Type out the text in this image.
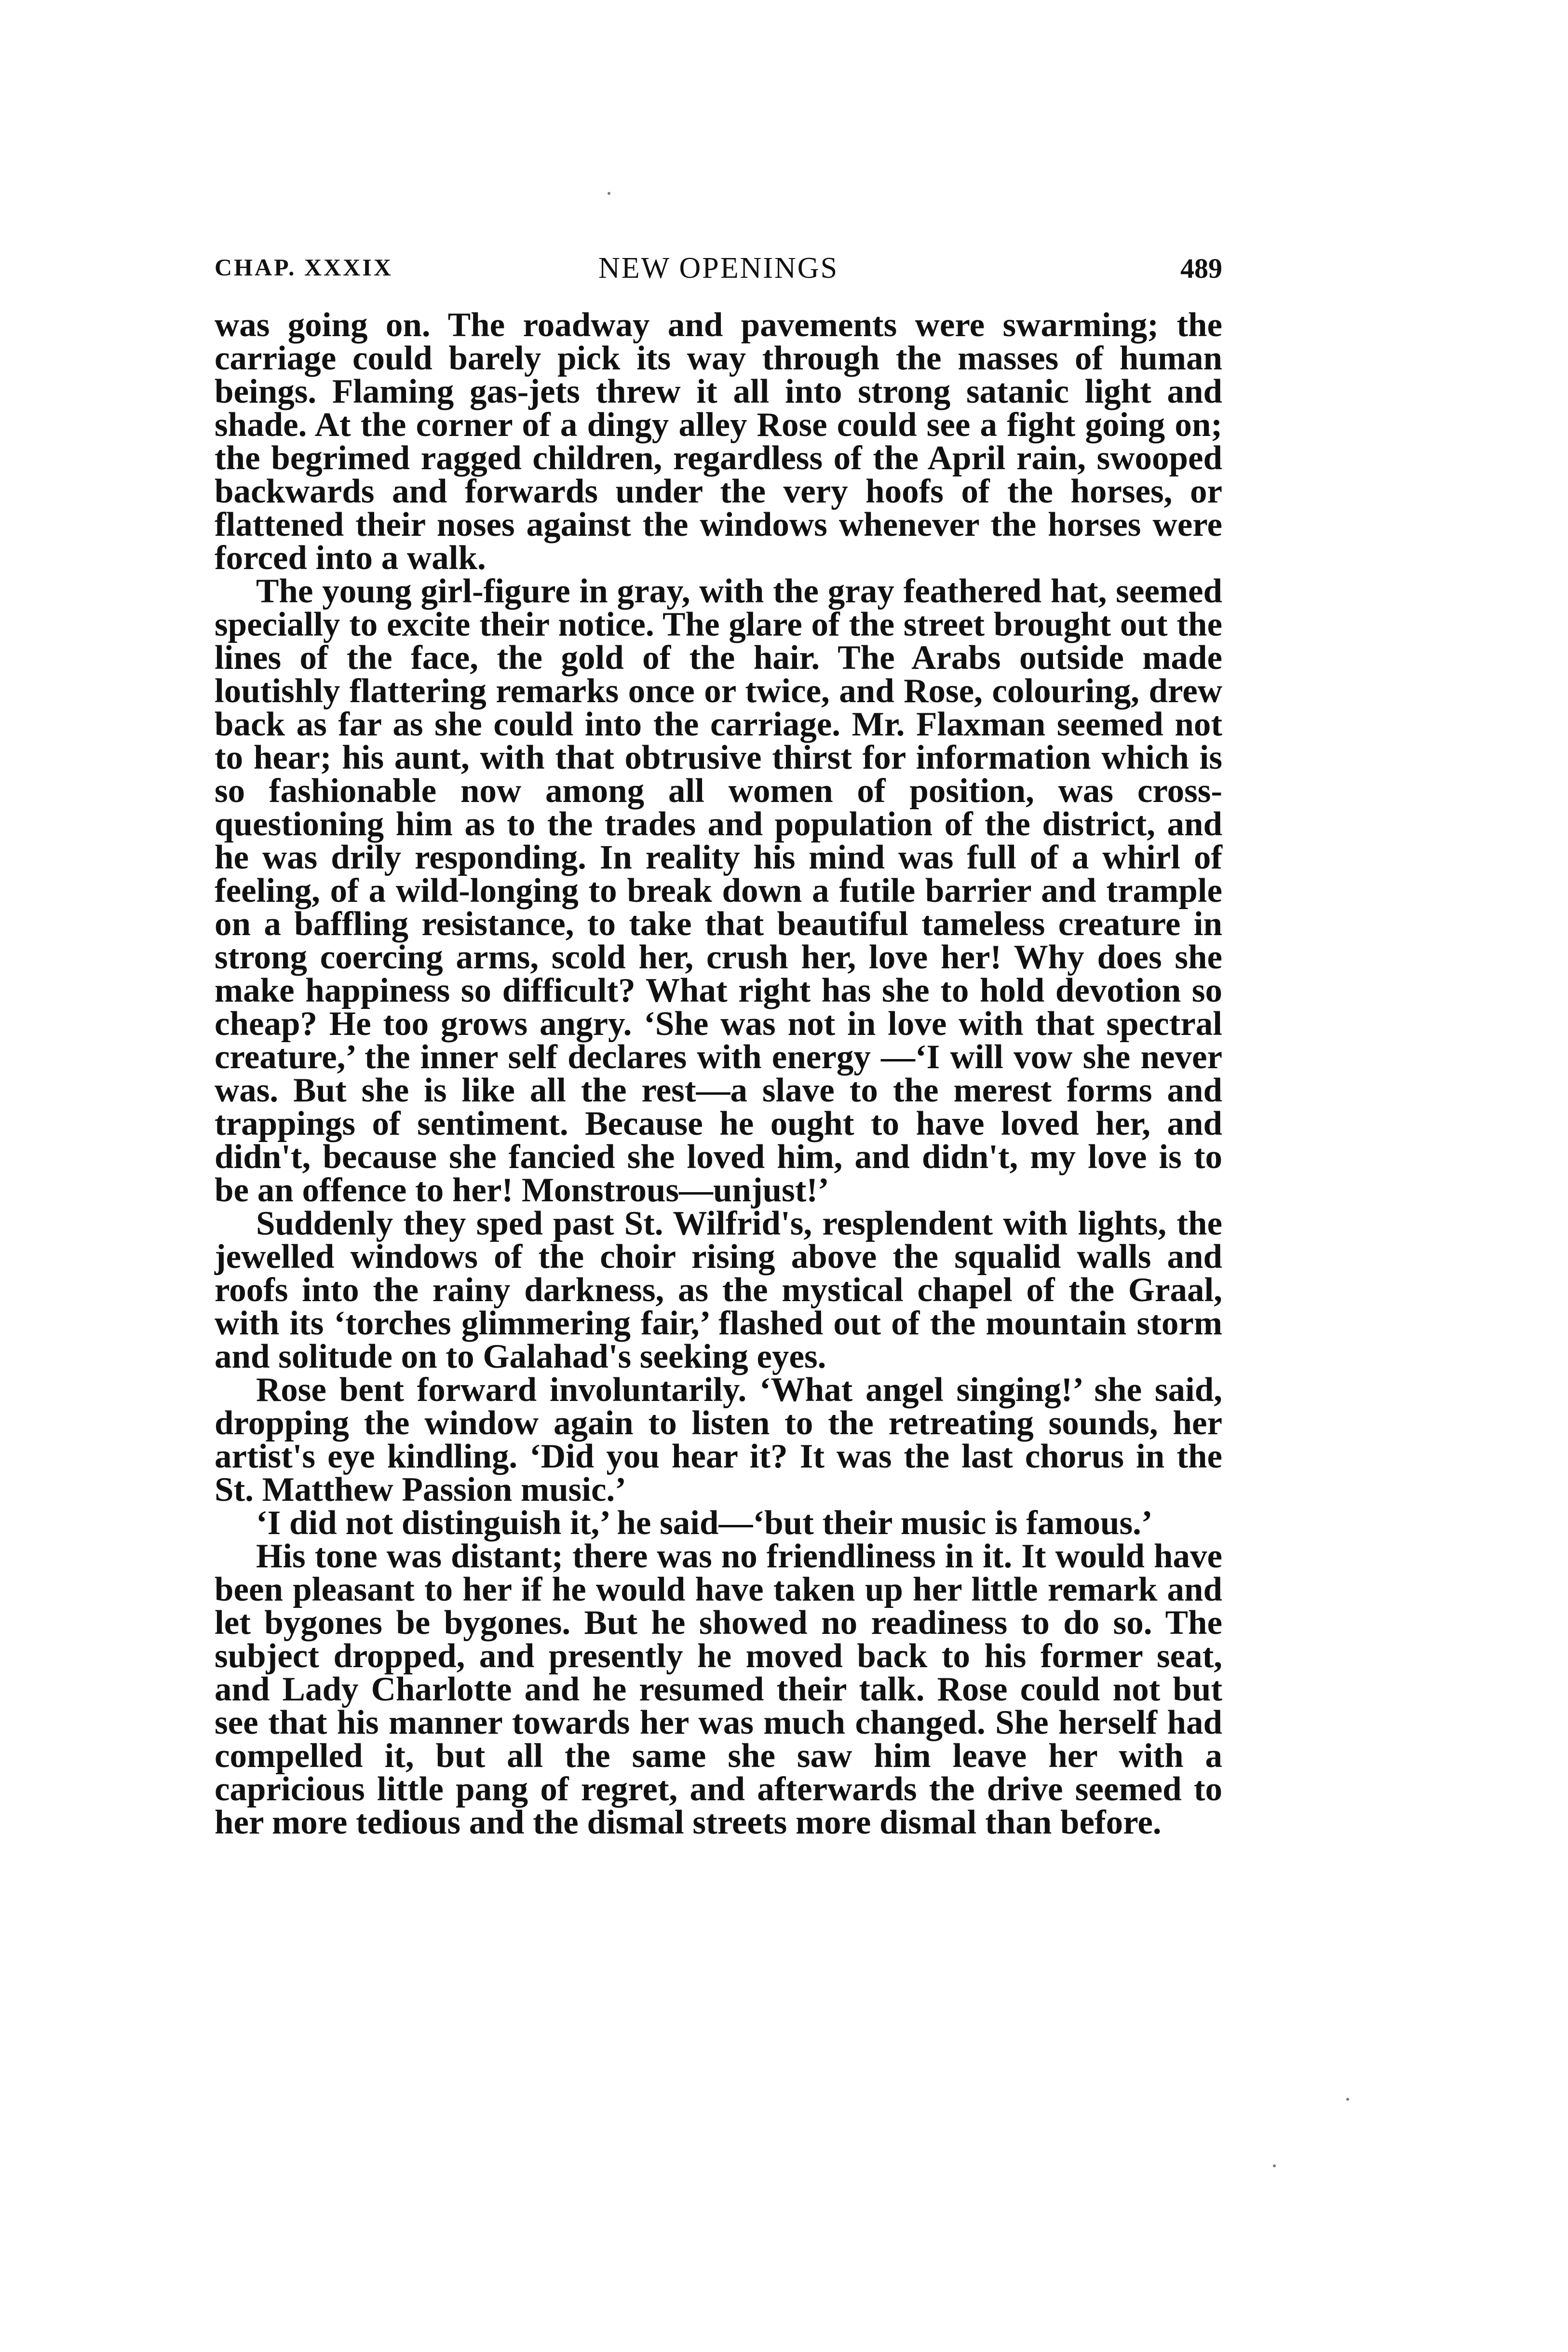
CHAP. XXXIX	NEW OPENINGS	489

was going on. The roadway and pavements were swarming; the carriage could barely pick its way through the masses of human beings. Flaming gas-jets threw it all into strong satanic light and shade. At the corner of a dingy alley Rose could see a fight going on; the begrimed ragged children, regardless of the April rain, swooped backwards and forwards under the very hoofs of the horses, or flattened their noses against the windows whenever the horses were forced into a walk.

The young girl-figure in gray, with the gray feathered hat, seemed specially to excite their notice. The glare of the street brought out the lines of the face, the gold of the hair. The Arabs outside made loutishly flattering remarks once or twice, and Rose, colouring, drew back as far as she could into the carriage. Mr. Flaxman seemed not to hear; his aunt, with that obtrusive thirst for information which is so fashionable now among all women of position, was cross-questioning him as to the trades and population of the district, and he was drily responding. In reality his mind was full of a whirl of feeling, of a wild-longing to break down a futile barrier and trample on a baffling resistance, to take that beautiful tameless creature in strong coercing arms, scold her, crush her, love her! Why does she make happiness so difficult? What right has she to hold devotion so cheap? He too grows angry. ‘She was not in love with that spectral creature,’ the inner self declares with energy —‘I will vow she never was. But she is like all the rest—a slave to the merest forms and trappings of sentiment. Because he ought to have loved her, and didn't, because she fancied she loved him, and didn't, my love is to be an offence to her! Monstrous—unjust!’

Suddenly they sped past St. Wilfrid's, resplendent with lights, the jewelled windows of the choir rising above the squalid walls and roofs into the rainy darkness, as the mystical chapel of the Graal, with its ‘torches glimmering fair,’ flashed out of the mountain storm and solitude on to Galahad's seeking eyes.

Rose bent forward involuntarily. ‘What angel singing!’ she said, dropping the window again to listen to the retreating sounds, her artist's eye kindling. ‘Did you hear it? It was the last chorus in the St. Matthew Passion music.’

‘I did not distinguish it,’ he said—‘but their music is famous.’

His tone was distant; there was no friendliness in it. It would have been pleasant to her if he would have taken up her little remark and let bygones be bygones. But he showed no readiness to do so. The subject dropped, and presently he moved back to his former seat, and Lady Charlotte and he resumed their talk. Rose could not but see that his manner towards her was much changed. She herself had compelled it, but all the same she saw him leave her with a capricious little pang of regret, and afterwards the drive seemed to her more tedious and the dismal streets more dismal than before.
